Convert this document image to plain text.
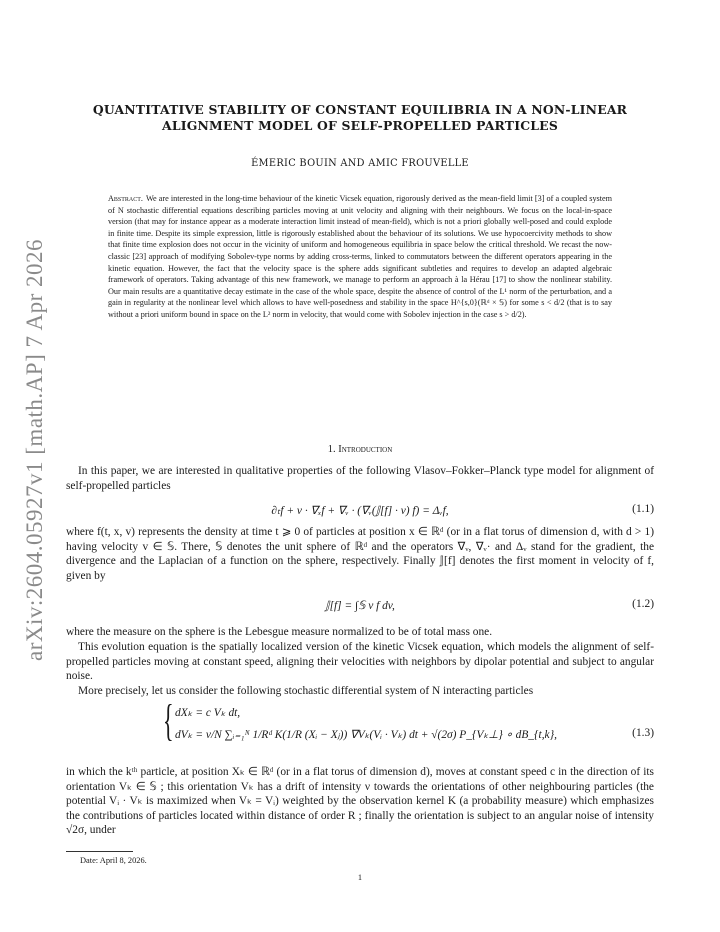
arXiv:2604.05927v1 [math.AP] 7 Apr 2026
QUANTITATIVE STABILITY OF CONSTANT EQUILIBRIA IN A NON-LINEAR ALIGNMENT MODEL OF SELF-PROPELLED PARTICLES
ÉMERIC BOUIN AND AMIC FROUVELLE
Abstract. We are interested in the long-time behaviour of the kinetic Vicsek equation, rigorously derived as the mean-field limit [3] of a coupled system of N stochastic differential equations describing particles moving at unit velocity and aligning with their neighbours. We focus on the local-in-space version (that may for instance appear as a moderate interaction limit instead of mean-field), which is not a priori globally well-posed and could explode in finite time. Despite its simple expression, little is rigorously established about the behaviour of its solutions. We use hypocoercivity methods to show that finite time explosion does not occur in the vicinity of uniform and homogeneous equilibria in space below the critical threshold. We recast the now-classic [23] approach of modifying Sobolev-type norms by adding cross-terms, linked to commutators between the different operators appearing in the kinetic equation. However, the fact that the velocity space is the sphere adds significant subtleties and requires to develop an adapted algebraic framework of operators. Taking advantage of this new framework, we manage to perform an approach à la Hérau [17] to show the nonlinear stability. Our main results are a quantitative decay estimate in the case of the whole space, despite the absence of control of the L¹ norm of the perturbation, and a gain in regularity at the nonlinear level which allows to have well-posedness and stability in the space H^{s,0}(ℝᵈ × 𝕊) for some s < d/2 (that is to say without a priori uniform bound in space on the L² norm in velocity, that would come with Sobolev injection in the case s > d/2).
1. Introduction
In this paper, we are interested in qualitative properties of the following Vlasov–Fokker–Planck type model for alignment of self-propelled particles
∂ₜf + v · ∇ₓf + ∇ᵥ · (∇ᵥ(𝕁[f] · v) f) = Δᵥf,	(1.1)
where f(t, x, v) represents the density at time t ⩾ 0 of particles at position x ∈ ℝᵈ (or in a flat torus of dimension d, with d > 1) having velocity v ∈ 𝕊. There, 𝕊 denotes the unit sphere of ℝᵈ and the operators ∇ᵥ, ∇ᵥ· and Δᵥ stand for the gradient, the divergence and the Laplacian of a function on the sphere, respectively. Finally 𝕁[f] denotes the first moment in velocity of f, given by
𝕁[f] = ∫𝕊 v f dv,	(1.2)
where the measure on the sphere is the Lebesgue measure normalized to be of total mass one.
This evolution equation is the spatially localized version of the kinetic Vicsek equation, which models the alignment of self-propelled particles moving at constant speed, aligning their velocities with neighbors by dipolar potential and subject to angular noise.
More precisely, let us consider the following stochastic differential system of N interacting particles
{ dXₖ = c Vₖ dt,
dVₖ = ν/N ∑ᵢ₌₁ᴺ 1/Rᵈ K(1/R (Xᵢ − Xⱼ)) ∇Vₖ(Vᵢ · Vₖ) dt + √(2σ) P_{Vₖ⊥} ∘ dB_{t,k},	(1.3)
in which the kᵗʰ particle, at position Xₖ ∈ ℝᵈ (or in a flat torus of dimension d), moves at constant speed c in the direction of its orientation Vₖ ∈ 𝕊 ; this orientation Vₖ has a drift of intensity ν towards the orientations of other neighbouring particles (the potential Vᵢ · Vₖ is maximized when Vₖ = Vᵢ) weighted by the observation kernel K (a probability measure) which emphasizes the contributions of particles located within distance of order R ; finally the orientation is subject to an angular noise of intensity √2σ, under
Date: April 8, 2026.
1
